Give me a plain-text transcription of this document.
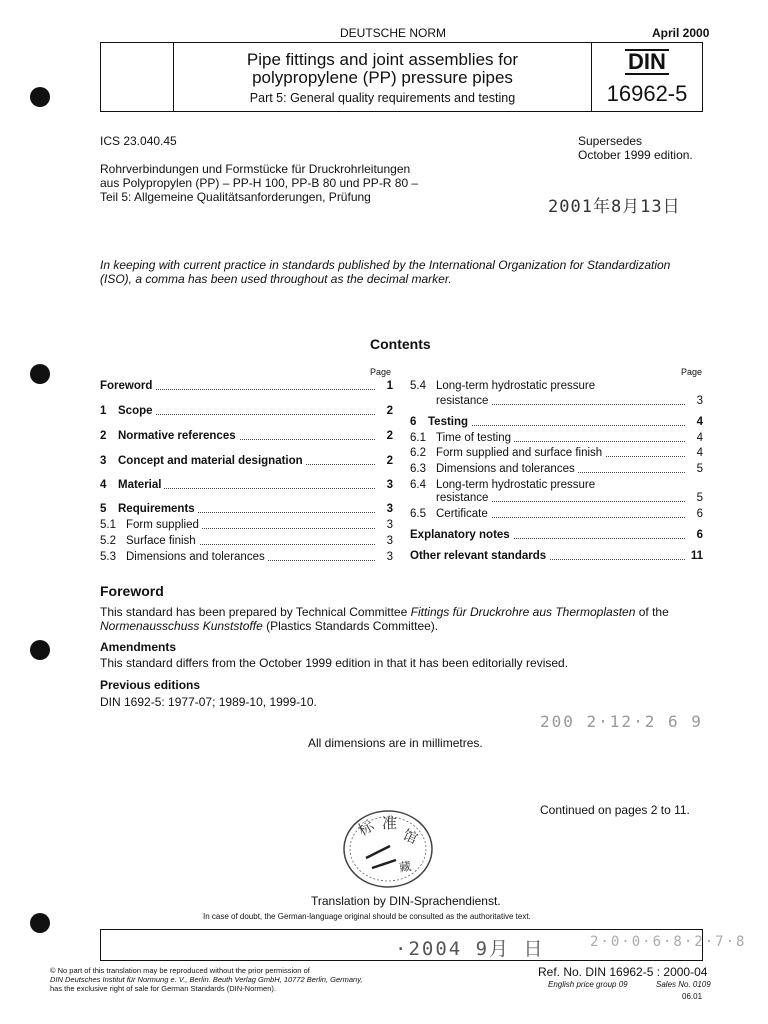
DEUTSCHE NORM	April 2000
Pipe fittings and joint assemblies for
polypropylene (PP) pressure pipes
Part 5: General quality requirements and testing
DIN
16962-5
ICS 23.040.45	Supersedes
October 1999 edition.
Rohrverbindungen und Formstücke für Druckrohrleitungen
aus Polypropylen (PP) – PP-H 100, PP-B 80 und PP-R 80 –
Teil 5: Allgemeine Qualitätsanforderungen, Prüfung	2001年8月13日
In keeping with current practice in standards published by the International Organization for Standardization
(ISO), a comma has been used throughout as the decimal marker.
Contents
Page	Page
Foreword	1
1 Scope	2
2 Normative references	2
3 Concept and material designation	2
4 Material	3
5 Requirements	3
5.1 Form supplied	3
5.2 Surface finish	3
5.3 Dimensions and tolerances	3
5.4 Long-term hydrostatic pressure
resistance	3
6 Testing	4
6.1 Time of testing	4
6.2 Form supplied and surface finish	4
6.3 Dimensions and tolerances	5
6.4 Long-term hydrostatic pressure
resistance	5
6.5 Certificate	6
Explanatory notes	6
Other relevant standards	11
Foreword
This standard has been prepared by Technical Committee Fittings für Druckrohre aus Thermoplasten of the
Normenausschuss Kunststoffe (Plastics Standards Committee).
Amendments
This standard differs from the October 1999 edition in that it has been editorially revised.
Previous editions
DIN 1692-5: 1977-07; 1989-10, 1999-10.
200 2·12·2 6 9
All dimensions are in millimetres.
Continued on pages 2 to 11.
标 准
馆
藏
Translation by DIN-Sprachendienst.
In case of doubt, the German-language original should be consulted as the authoritative text.
·2004 9月 日	2·0·0·6·8·2·7·8
© No part of this translation may be reproduced without the prior permission of
DIN Deutsches Institut für Normung e. V., Berlin. Beuth Verlag GmbH, 10772 Berlin, Germany,
has the exclusive right of sale for German Standards (DIN-Normen).
Ref. No. DIN 16962-5 : 2000-04
English price group 09	Sales No. 0109
06.01
